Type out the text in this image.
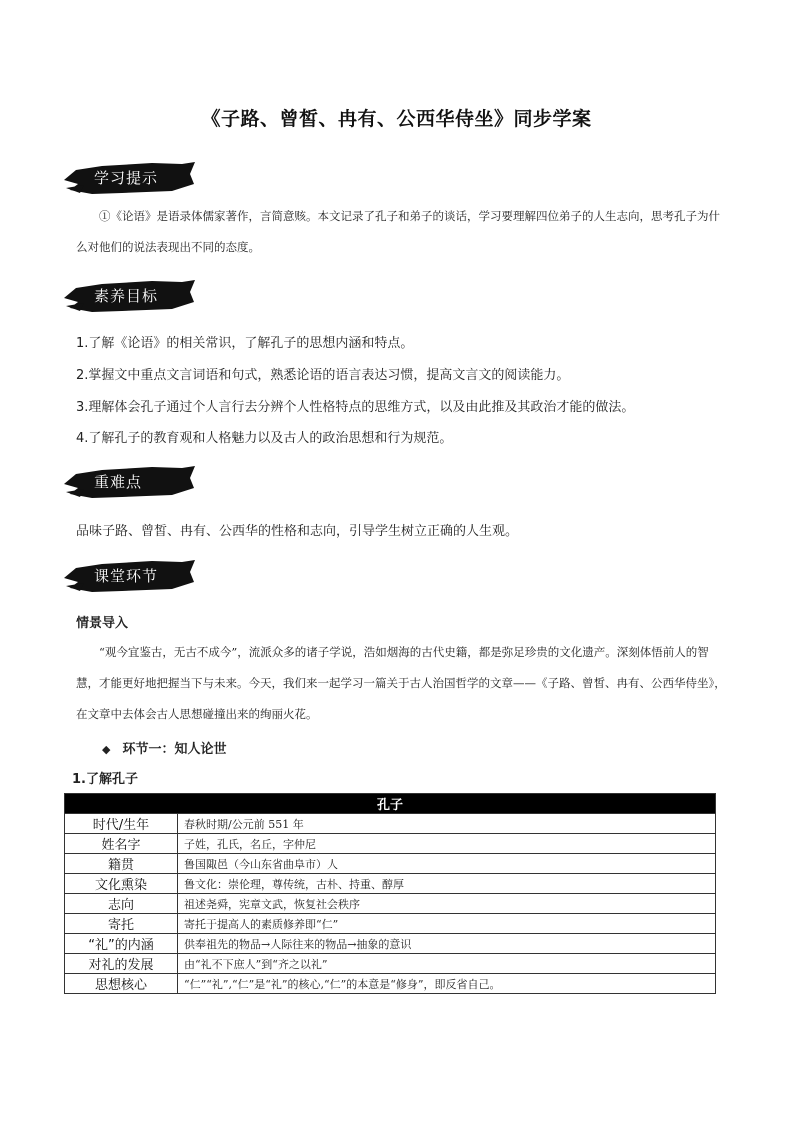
《子路、曾皙、冉有、公西华侍坐》同步学案
学习提示
①《论语》是语录体儒家著作，言简意赅。本文记录了孔子和弟子的谈话，学习要理解四位弟子的人生志向，思考孔子为什么对他们的说法表现出不同的态度。
素养目标
1.了解《论语》的相关常识，了解孔子的思想内涵和特点。
2.掌握文中重点文言词语和句式，熟悉论语的语言表达习惯，提高文言文的阅读能力。
3.理解体会孔子通过个人言行去分辨个人性格特点的思维方式，以及由此推及其政治才能的做法。
4.了解孔子的教育观和人格魅力以及古人的政治思想和行为规范。
重难点
品味子路、曾皙、冉有、公西华的性格和志向，引导学生树立正确的人生观。
课堂环节
情景导入
“观今宜鉴古，无古不成今”，流派众多的诸子学说，浩如烟海的古代史籍，都是弥足珍贵的文化遗产。深刻体悟前人的智慧，才能更好地把握当下与未来。今天，我们来一起学习一篇关于古人治国哲学的文章——《子路、曾皙、冉有、公西华侍坐》，在文章中去体会古人思想碰撞出来的绚丽火花。
◆ 环节一：知人论世
1.了解孔子
孔子	
时代/生年	春秋时期/公元前 551 年
姓名字	子姓，孔氏，名丘，字仲尼
籍贯	鲁国陬邑（今山东省曲阜市）人
文化熏染	鲁文化：崇伦理，尊传统，古朴、持重、醇厚
志向	祖述尧舜，宪章文武，恢复社会秩序
寄托	寄托于提高人的素质修养即“仁”
“礼”的内涵	供奉祖先的物品→人际往来的物品→抽象的意识
对礼的发展	由“礼不下庶人”到“齐之以礼”
思想核心	“仁”“礼”,“仁”是“礼”的核心,“仁”的本意是“修身”，即反省自己。
